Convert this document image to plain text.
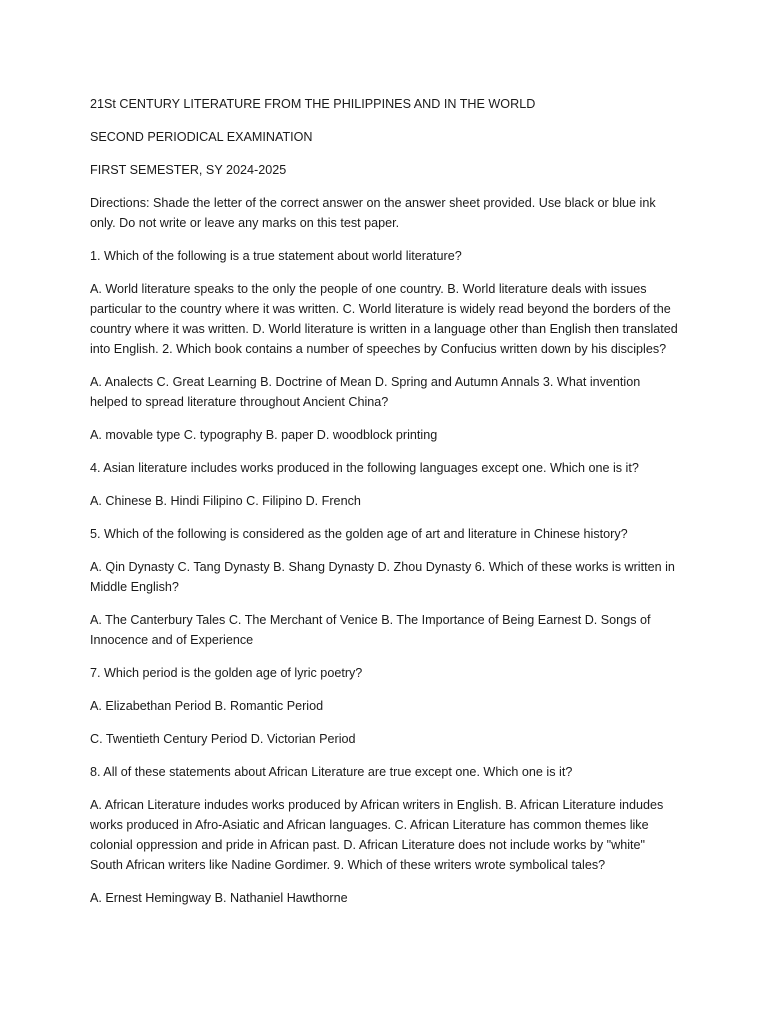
21St CENTURY LITERATURE FROM THE PHILIPPINES AND IN THE WORLD

SECOND PERIODICAL EXAMINATION

FIRST SEMESTER, SY 2024-2025

Directions: Shade the letter of the correct answer on the answer sheet provided. Use black or blue ink only. Do not write or leave any marks on this test paper.

1. Which of the following is a true statement about world literature?

A. World literature speaks to the only the people of one country. B. World literature deals with issues particular to the country where it was written. C. World literature is widely read beyond the borders of the country where it was written. D. World literature is written in a language other than English then translated into English. 2. Which book contains a number of speeches by Confucius written down by his disciples?

A. Analects C. Great Learning B. Doctrine of Mean D. Spring and Autumn Annals 3. What invention helped to spread literature throughout Ancient China?

A. movable type C. typography B. paper D. woodblock printing

4. Asian literature includes works produced in the following languages except one. Which one is it?

A. Chinese B. Hindi Filipino C. Filipino D. French

5. Which of the following is considered as the golden age of art and literature in Chinese history?

A. Qin Dynasty C. Tang Dynasty B. Shang Dynasty D. Zhou Dynasty 6. Which of these works is written in Middle English?

A. The Canterbury Tales C. The Merchant of Venice B. The Importance of Being Earnest D. Songs of Innocence and of Experience

7. Which period is the golden age of lyric poetry?

A. Elizabethan Period B. Romantic Period

C. Twentieth Century Period D. Victorian Period

8. All of these statements about African Literature are true except one. Which one is it?

A. African Literature indudes works produced by African writers in English. B. African Literature indudes works produced in Afro-Asiatic and African languages. C. African Literature has common themes like colonial oppression and pride in African past. D. African Literature does not include works by "white" South African writers like Nadine Gordimer. 9. Which of these writers wrote symbolical tales?

A. Ernest Hemingway B. Nathaniel Hawthorne
